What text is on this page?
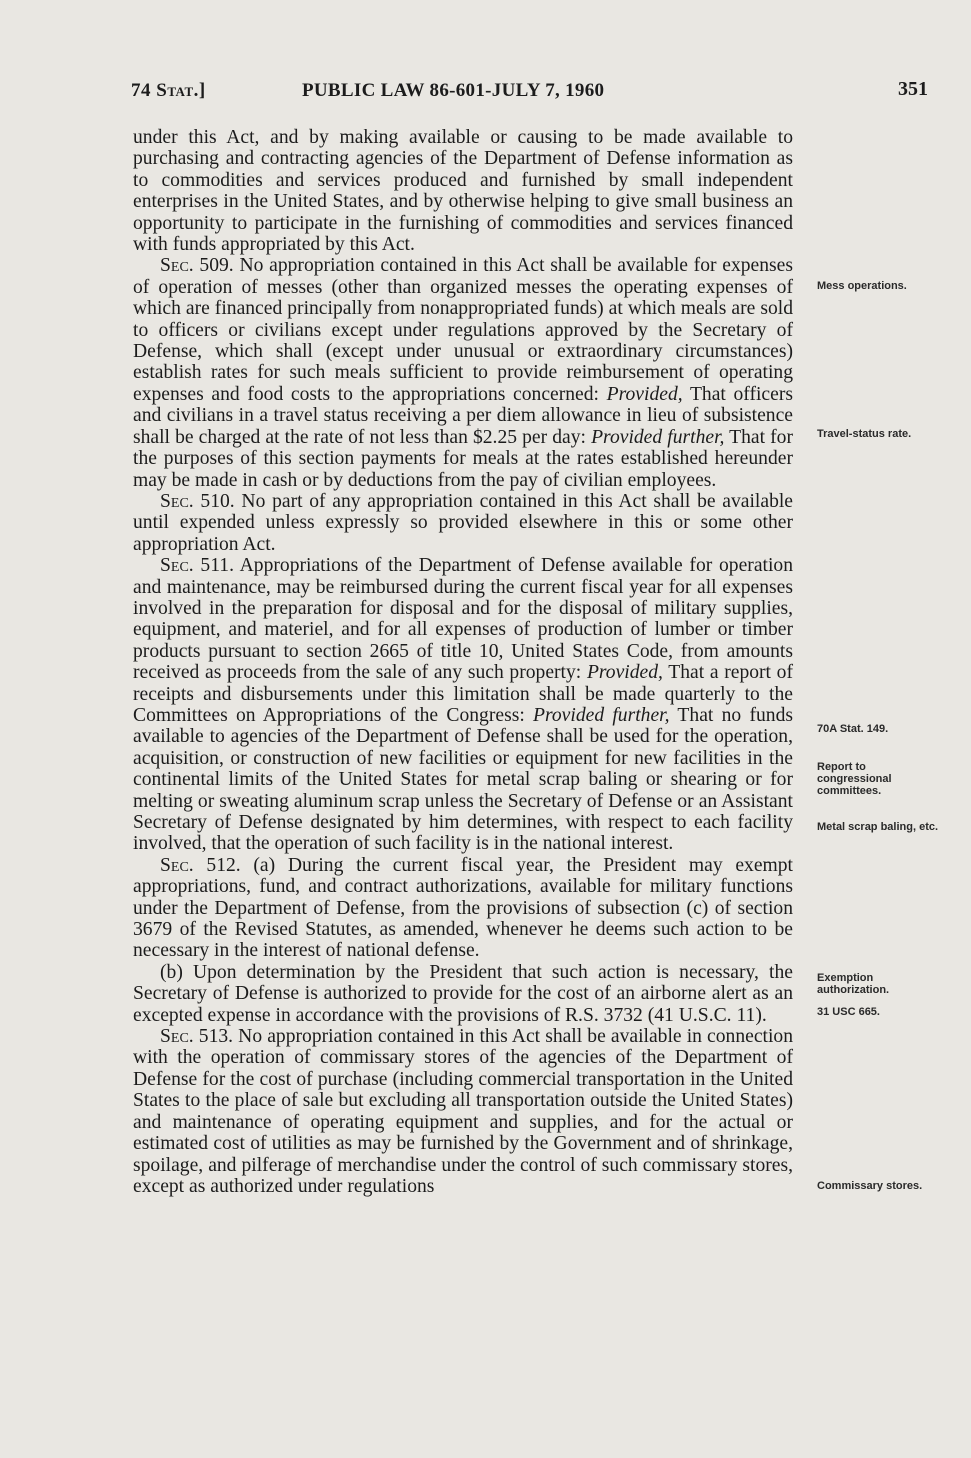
74 Stat.]	PUBLIC LAW 86-601-JULY 7, 1960	351

under this Act, and by making available or causing to be made available to purchasing and contracting agencies of the Department of Defense information as to commodities and services produced and furnished by small independent enterprises in the United States, and by otherwise helping to give small business an opportunity to participate in the furnishing of commodities and services financed with funds appropriated by this Act.

Sec. 509. No appropriation contained in this Act shall be available for expenses of operation of messes (other than organized messes the operating expenses of which are financed principally from nonappropriated funds) at which meals are sold to officers or civilians except under regulations approved by the Secretary of Defense, which shall (except under unusual or extraordinary circumstances) establish rates for such meals sufficient to provide reimbursement of operating expenses and food costs to the appropriations concerned: Provided, That officers and civilians in a travel status receiving a per diem allowance in lieu of subsistence shall be charged at the rate of not less than $2.25 per day: Provided further, That for the purposes of this section payments for meals at the rates established hereunder may be made in cash or by deductions from the pay of civilian employees.

Sec. 510. No part of any appropriation contained in this Act shall be available until expended unless expressly so provided elsewhere in this or some other appropriation Act.

Sec. 511. Appropriations of the Department of Defense available for operation and maintenance, may be reimbursed during the current fiscal year for all expenses involved in the preparation for disposal and for the disposal of military supplies, equipment, and materiel, and for all expenses of production of lumber or timber products pursuant to section 2665 of title 10, United States Code, from amounts received as proceeds from the sale of any such property: Provided, That a report of receipts and disbursements under this limitation shall be made quarterly to the Committees on Appropriations of the Congress: Provided further, That no funds available to agencies of the Department of Defense shall be used for the operation, acquisition, or construction of new facilities or equipment for new facilities in the continental limits of the United States for metal scrap baling or shearing or for melting or sweating aluminum scrap unless the Secretary of Defense or an Assistant Secretary of Defense designated by him determines, with respect to each facility involved, that the operation of such facility is in the national interest.

Sec. 512. (a) During the current fiscal year, the President may exempt appropriations, fund, and contract authorizations, available for military functions under the Department of Defense, from the provisions of subsection (c) of section 3679 of the Revised Statutes, as amended, whenever he deems such action to be necessary in the interest of national defense.

(b) Upon determination by the President that such action is necessary, the Secretary of Defense is authorized to provide for the cost of an airborne alert as an excepted expense in accordance with the provisions of R.S. 3732 (41 U.S.C. 11).

Sec. 513. No appropriation contained in this Act shall be available in connection with the operation of commissary stores of the agencies of the Department of Defense for the cost of purchase (including commercial transportation in the United States to the place of sale but excluding all transportation outside the United States) and maintenance of operating equipment and supplies, and for the actual or estimated cost of utilities as may be furnished by the Government and of shrinkage, spoilage, and pilferage of merchandise under the control of such commissary stores, except as authorized under regulations

Mess operations.
Travel-status rate.
70A Stat. 149.
Report to congressional committees.
Metal scrap baling, etc.
Exemption authorization.
31 USC 665.
Commissary stores.
